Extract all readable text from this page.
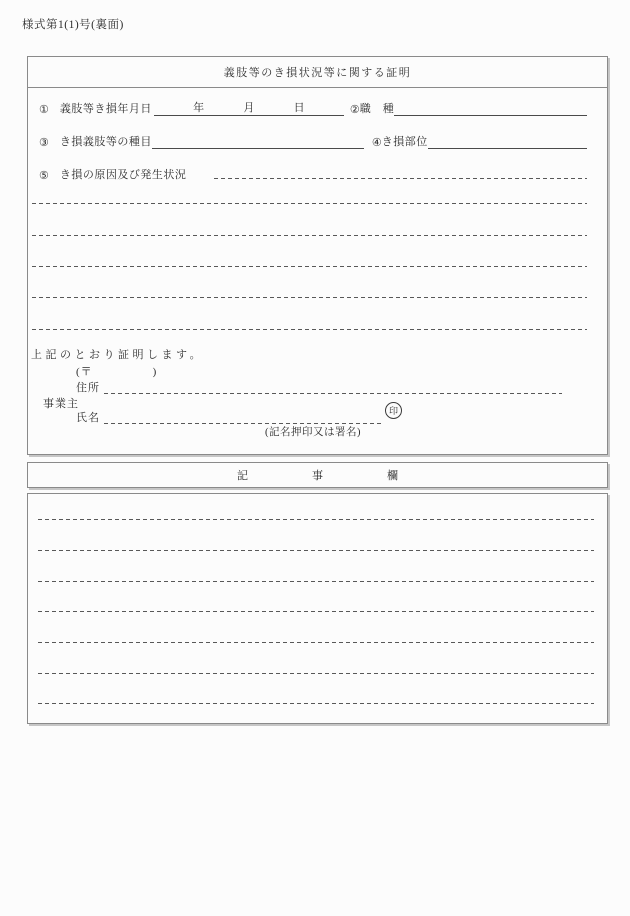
様式第1(1)号(裏面)
義肢等のき損状況等に関する証明
① 義肢等き損年月日	年	月	日	② 職　種
③ き損義肢等の種目	④ き損部位
⑤ き損の原因及び発生状況
上記のとおり証明します。
(〒　　　　　)
住所
事業主
氏名
印
(記名押印又は署名)
記	事	欄
